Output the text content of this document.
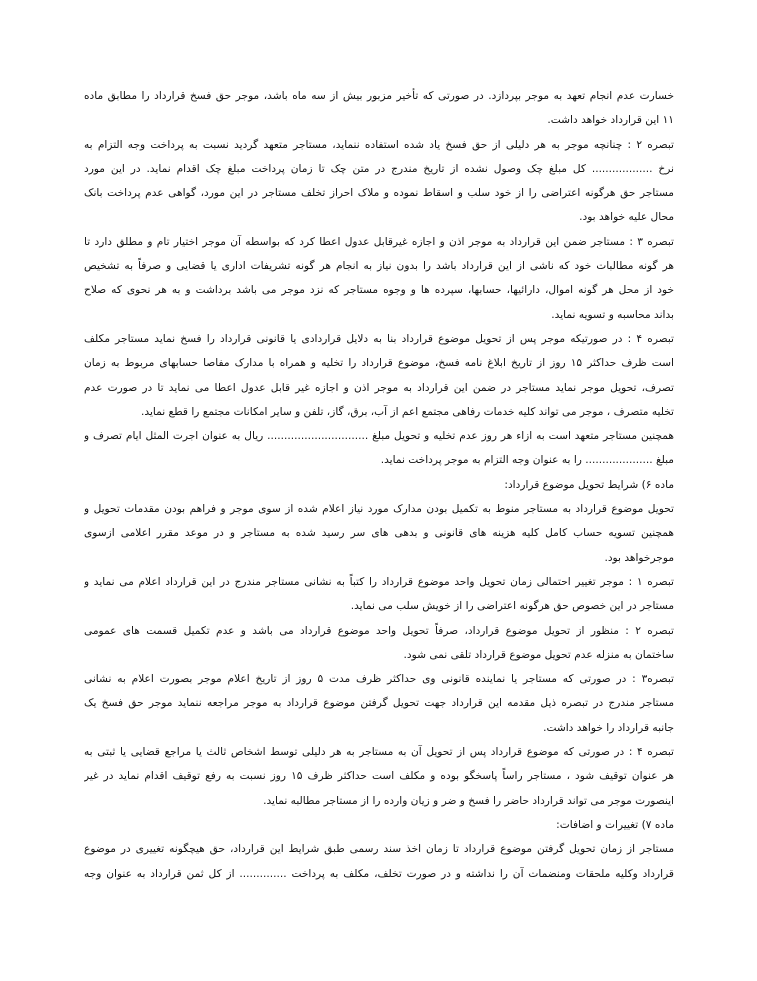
خسارت عدم انجام تعهد به موجر بپردازد. در صورتی که تأخیر مزبور بیش از سه ماه باشد، موجر حق فسخ قرارداد را مطابق ماده
۱۱ این قرارداد خواهد داشت.
تبصره ۲ : چنانچه موجر به هر دلیلی از حق فسخ یاد شده استفاده ننماید، مستاجر متعهد گردید نسبت به پرداخت وجه التزام به
نرخ .................. کل مبلغ چک وصول نشده از تاریخ مندرج در متن چک تا زمان پرداخت مبلغ چک اقدام نماید. در این مورد
مستاجر حق هرگونه اعتراضی را از خود سلب و اسقاط نموده و ملاک احراز تخلف مستاجر در این مورد، گواهی عدم پرداخت بانک
محال علیه خواهد بود.
تبصره ۳ : مستاجر ضمن این قرارداد به موجر اذن و اجازه غیرقابل عدول اعطا کرد که بواسطه آن موجر اختیار تام و مطلق دارد تا
هر گونه مطالبات خود که ناشی از این قرارداد باشد را بدون نیاز به انجام هر گونه تشریفات اداری یا قضایی و صرفاً به تشخیص
خود از محل هر گونه اموال، دارائیها، حسابها، سپرده ها و وجوه مستاجر که نزد موجر می باشد برداشت و به هر نحوی که صلاح
بداند محاسبه و تسویه نماید.
تبصره ۴ : در صورتیکه موجر پس از تحویل موضوع قرارداد بنا به دلایل قراردادی یا قانونی قرارداد را فسخ نماید مستاجر مکلف
است ظرف حداکثر ۱۵ روز از تاریخ ابلاغ نامه فسخ، موضوع قرارداد را تخلیه و همراه با مدارک مفاصا حسابهای مربوط به زمان
تصرف، تحویل موجر نماید مستاجر در ضمن این قرارداد به موجر اذن و اجازه غیر قابل عدول اعطا می نماید تا در صورت عدم
تخلیه متصرف ، موجر می تواند کلیه خدمات رفاهی مجتمع اعم از آب، برق، گاز، تلفن و سایر امکانات مجتمع را قطع نماید.
همچنین مستاجر متعهد است به ازاء هر روز عدم تخلیه و تحویل مبلغ .............................. ریال به عنوان اجرت المثل ایام تصرف و
مبلغ .................... را به عنوان وجه التزام به موجر پرداخت نماید.
ماده ۶) شرایط تحویل موضوع قرارداد:
تحویل موضوع قرارداد به مستاجر منوط به تکمیل بودن مدارک مورد نیاز اعلام شده از سوی موجر و فراهم بودن مقدمات تحویل و
همچنین تسویه حساب کامل کلیه هزینه های قانونی و بدهی های سر رسید شده به مستاجر و در موعد مقرر اعلامی ازسوی
موجرخواهد بود.
تبصره ۱ : موجر تغییر احتمالی زمان تحویل واحد موضوع قرارداد را کتباً به نشانی مستاجر مندرج در این قرارداد اعلام می نماید و
مستاجر در این خصوص حق هرگونه اعتراضی را از خویش سلب می نماید.
تبصره ۲ : منظور از تحویل موضوع قرارداد، صرفاً تحویل واحد موضوع قرارداد می باشد و عدم تکمیل قسمت های عمومی
ساختمان به منزله عدم تحویل موضوع قرارداد تلقی نمی شود.
تبصره۳ : در صورتی که مستاجر یا نماینده قانونی وی حداکثر ظرف مدت ۵ روز از تاریخ اعلام موجر بصورت اعلام به نشانی
مستاجر مندرج در تبصره ذیل مقدمه این قرارداد جهت تحویل گرفتن موضوع قرارداد به موجر مراجعه ننماید موجر حق فسخ یک
جانبه قرارداد را خواهد داشت.
تبصره ۴ : در صورتی که موضوع قرارداد پس از تحویل آن به مستاجر به هر دلیلی توسط اشخاص ثالث یا مراجع قضایی یا ثبتی به
هر عنوان توقیف شود ، مستاجر راساً پاسخگو بوده و مکلف است حداکثر ظرف ۱۵ روز نسبت به رفع توقیف اقدام نماید در غیر
اینصورت موجر می تواند قرارداد حاضر را فسخ و ضر و زیان وارده را از مستاجر مطالبه نماید.
ماده ۷) تغییرات و اضافات:
مستاجر از زمان تحویل گرفتن موضوع قرارداد تا زمان اخذ سند رسمی طبق شرایط این قرارداد، حق هیچگونه تغییری در موضوع
قرارداد وکلیه ملحقات ومنضمات آن را نداشته و در صورت تخلف، مکلف به پرداخت .............. از کل ثمن قرارداد به عنوان وجه
